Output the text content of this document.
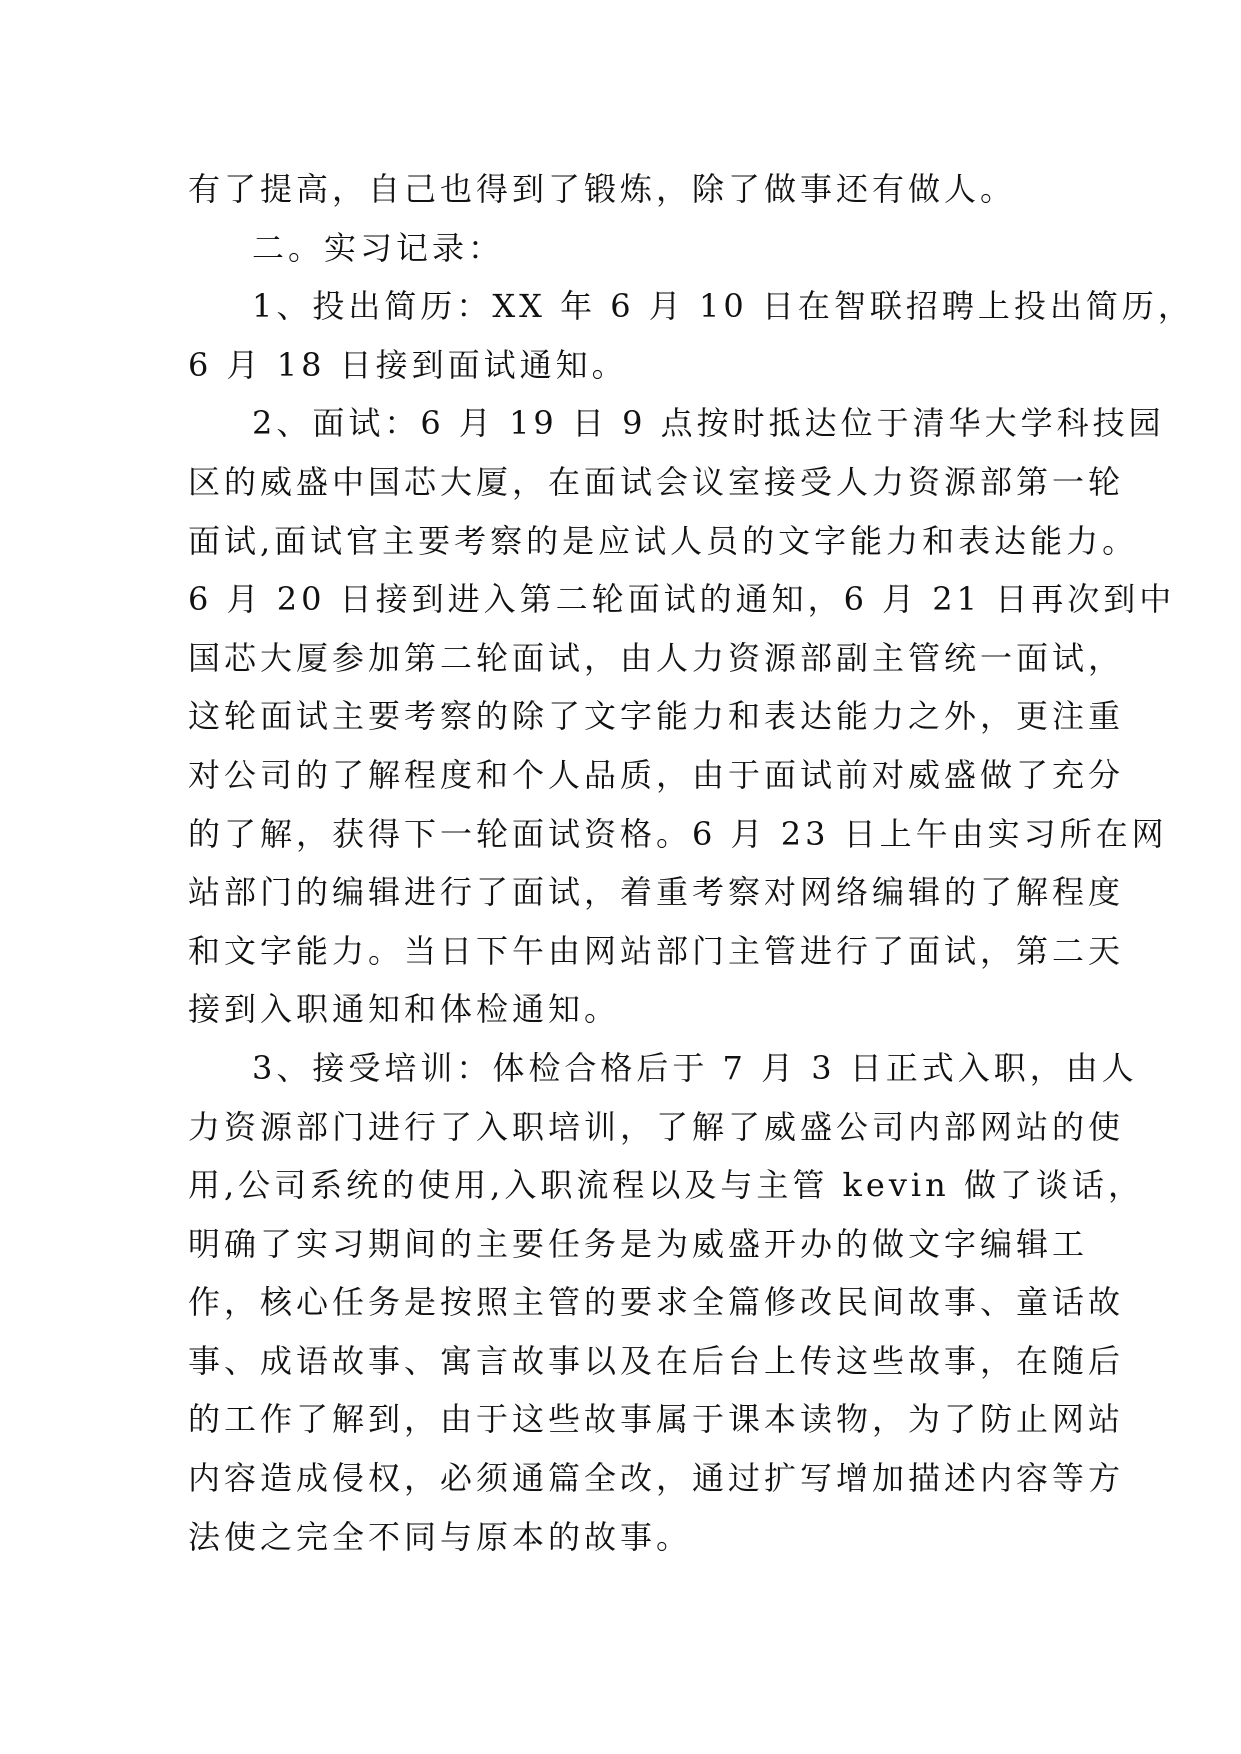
有了提高，自己也得到了锻炼，除了做事还有做人。
二。实习记录：
1、投出简历：XX 年 6 月 10 日在智联招聘上投出简历，
6 月 18 日接到面试通知。
2、面试：6 月 19 日 9 点按时抵达位于清华大学科技园
区的威盛中国芯大厦，在面试会议室接受人力资源部第一轮
面试,面试官主要考察的是应试人员的文字能力和表达能力。
6 月 20 日接到进入第二轮面试的通知，6 月 21 日再次到中
国芯大厦参加第二轮面试，由人力资源部副主管统一面试，
这轮面试主要考察的除了文字能力和表达能力之外，更注重
对公司的了解程度和个人品质，由于面试前对威盛做了充分
的了解，获得下一轮面试资格。6 月 23 日上午由实习所在网
站部门的编辑进行了面试，着重考察对网络编辑的了解程度
和文字能力。当日下午由网站部门主管进行了面试，第二天
接到入职通知和体检通知。
3、接受培训：体检合格后于 7 月 3 日正式入职，由人
力资源部门进行了入职培训，了解了威盛公司内部网站的使
用,公司系统的使用,入职流程以及与主管 kevin 做了谈话，
明确了实习期间的主要任务是为威盛开办的做文字编辑工
作，核心任务是按照主管的要求全篇修改民间故事、童话故
事、成语故事、寓言故事以及在后台上传这些故事，在随后
的工作了解到，由于这些故事属于课本读物，为了防止网站
内容造成侵权，必须通篇全改，通过扩写增加描述内容等方
法使之完全不同与原本的故事。
